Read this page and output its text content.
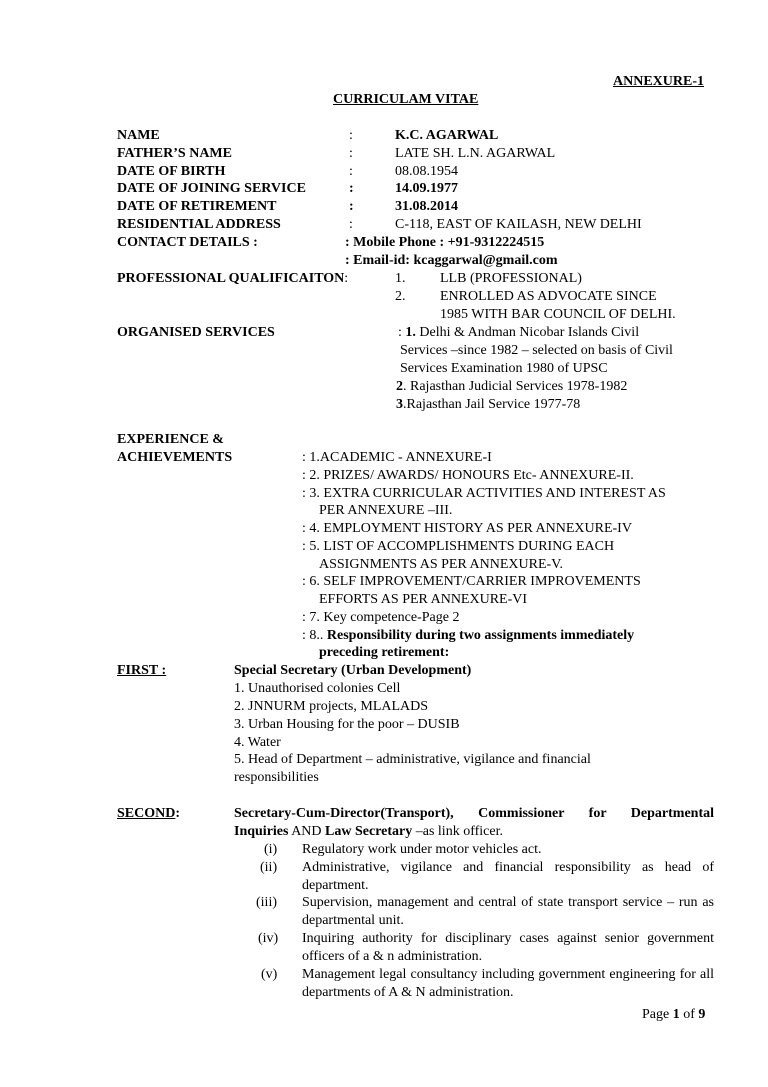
ANNEXURE-1
CURRICULAM VITAE
NAME	:	K.C. AGARWAL
FATHER’S NAME	:	LATE SH. L.N. AGARWAL
DATE OF BIRTH	:	08.08.1954
DATE OF JOINING SERVICE	:	14.09.1977
DATE OF RETIREMENT	:	31.08.2014
RESIDENTIAL ADDRESS	:	C-118, EAST OF KAILASH, NEW DELHI
CONTACT DETAILS :	: Mobile Phone : +91-9312224515
: Email-id: kcaggarwal@gmail.com
PROFESSIONAL QUALIFICAITON:	1. LLB (PROFESSIONAL)
2. ENROLLED AS ADVOCATE SINCE
1985 WITH BAR COUNCIL OF DELHI.
ORGANISED SERVICES	: 1. Delhi & Andman Nicobar Islands Civil
Services –since 1982 – selected on basis of Civil
Services Examination 1980 of UPSC
2. Rajasthan Judicial Services 1978-1982
3.Rajasthan Jail Service 1977-78
EXPERIENCE &
ACHIEVEMENTS	: 1.ACADEMIC - ANNEXURE-I
: 2. PRIZES/ AWARDS/ HONOURS Etc- ANNEXURE-II.
: 3. EXTRA CURRICULAR ACTIVITIES AND INTEREST AS
PER ANNEXURE –III.
: 4. EMPLOYMENT HISTORY AS PER ANNEXURE-IV
: 5. LIST OF ACCOMPLISHMENTS DURING EACH
ASSIGNMENTS AS PER ANNEXURE-V.
: 6. SELF IMPROVEMENT/CARRIER IMPROVEMENTS
EFFORTS AS PER ANNEXURE-VI
: 7. Key competence-Page 2
: 8.. Responsibility during two assignments immediately
preceding retirement:
FIRST :	Special Secretary (Urban Development)
1. Unauthorised colonies Cell
2. JNNURM projects, MLALADS
3. Urban Housing for the poor – DUSIB
4. Water
5. Head of Department – administrative, vigilance and financial
responsibilities
SECOND:	Secretary-Cum-Director(Transport), Commissioner for Departmental
Inquiries AND Law Secretary –as link officer.
(i) Regulatory work under motor vehicles act.
(ii) Administrative, vigilance and financial responsibility as head of department.
(iii) Supervision, management and central of state transport service – run as departmental unit.
(iv) Inquiring authority for disciplinary cases against senior government officers of a & n administration.
(v) Management legal consultancy including government engineering for all departments of A & N administration.
Page 1 of 9
